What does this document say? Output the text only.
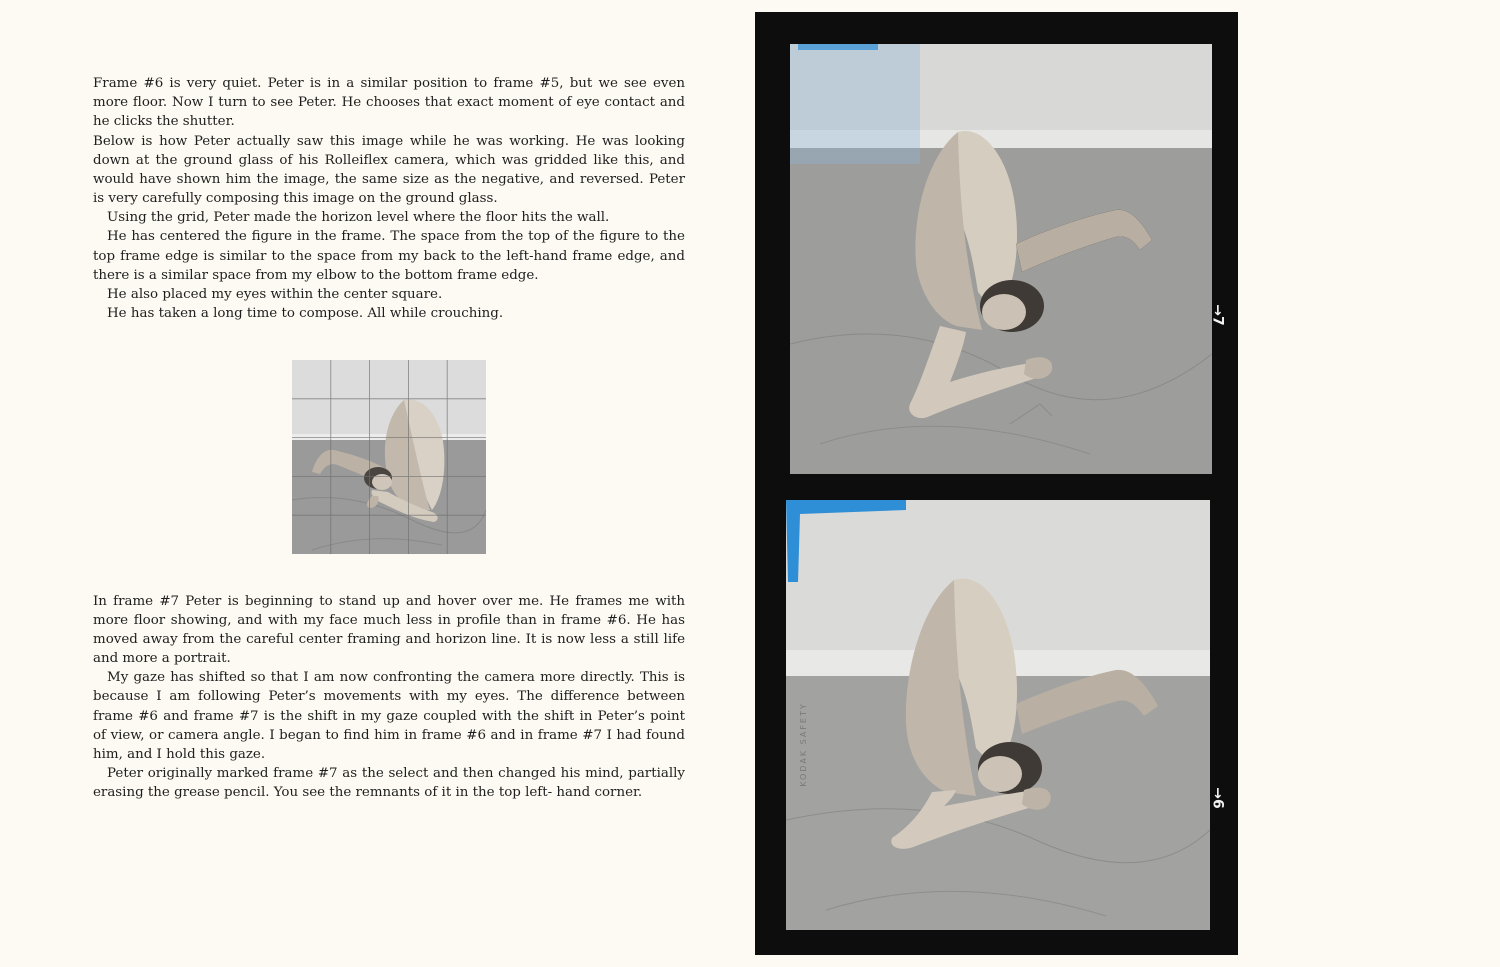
Frame #6 is very quiet. Peter is in a similar position to frame #5, but we see even more floor. Now I turn to see Peter. He chooses that exact moment of eye contact and he clicks the shutter.

Below is how Peter actually saw this image while he was working. He was looking down at the ground glass of his Rolleiflex camera, which was gridded like this, and would have shown him the image, the same size as the negative, and reversed. Peter is very carefully composing this image on the ground glass.

Using the grid, Peter made the horizon level where the floor hits the wall.

He has centered the figure in the frame. The space from the top of the figure to the top frame edge is similar to the space from my back to the left-hand frame edge, and there is a similar space from my elbow to the bottom frame edge.

He also placed my eyes within the center square.

He has taken a long time to compose. All while crouching.

In frame #7 Peter is beginning to stand up and hover over me. He frames me with more floor showing, and with my face much less in profile than in frame #6. He has moved away from the careful center framing and horizon line. It is now less a still life and more a portrait.

My gaze has shifted so that I am now confronting the camera more directly. This is because I am following Peter’s movements with my eyes. The difference between frame #6 and frame #7 is the shift in my gaze coupled with the shift in Peter’s point of view, or camera angle. I began to find him in frame #6 and in frame #7 I had found him, and I hold this gaze.

Peter originally marked frame #7 as the select and then changed his mind, partially erasing the grease pencil. You see the remnants of it in the top left- hand corner.

→7
→6
KODAK SAFETY
